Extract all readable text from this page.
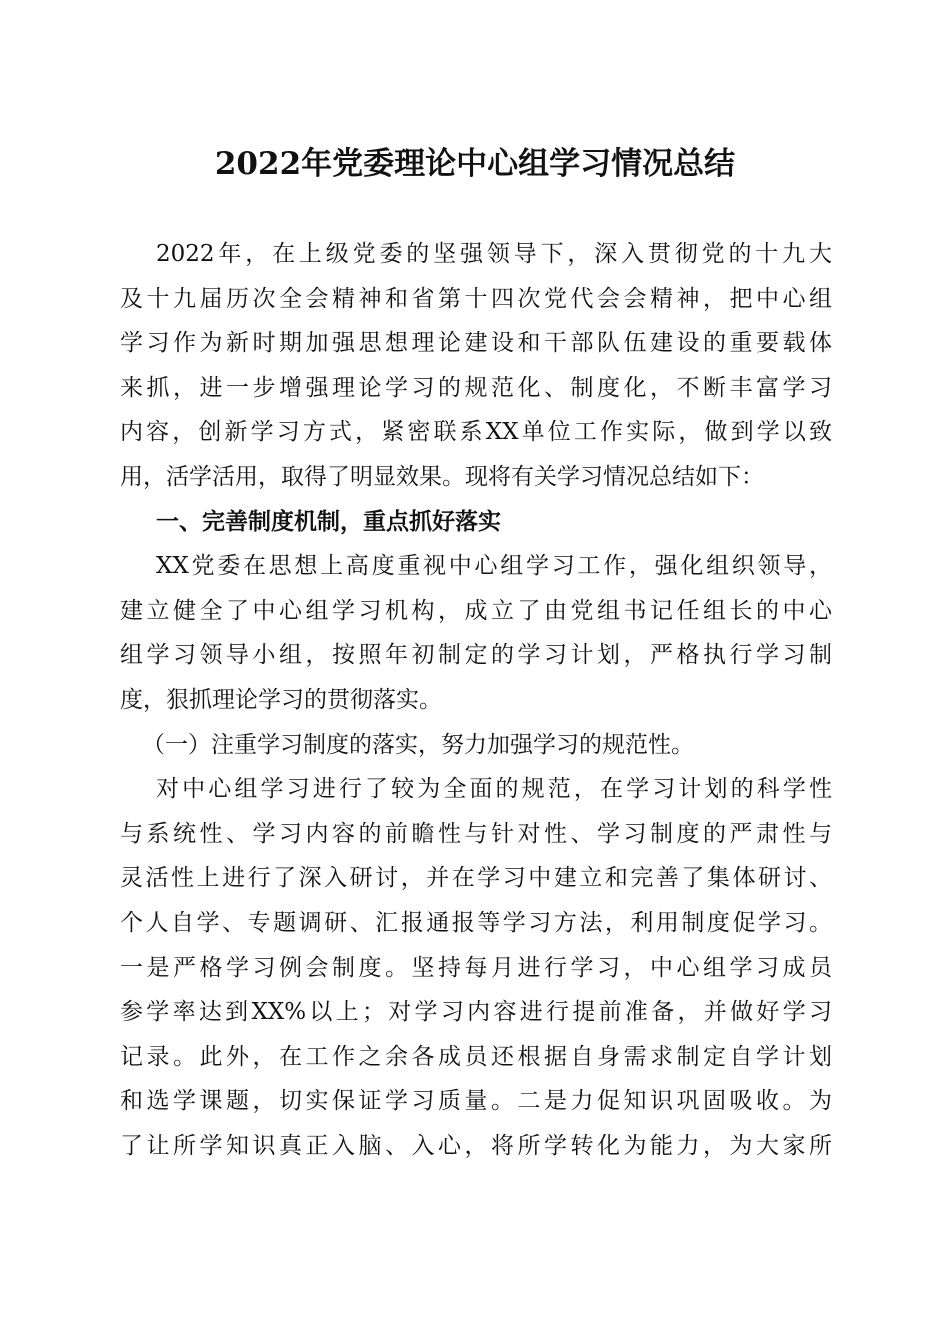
2022年党委理论中心组学习情况总结
2022年，在上级党委的坚强领导下，深入贯彻党的十九大
及十九届历次全会精神和省第十四次党代会会精神，把中心组
学习作为新时期加强思想理论建设和干部队伍建设的重要载体
来抓，进一步增强理论学习的规范化、制度化，不断丰富学习
内容，创新学习方式，紧密联系XX单位工作实际，做到学以致
用，活学活用，取得了明显效果。现将有关学习情况总结如下：
一、完善制度机制，重点抓好落实
XX党委在思想上高度重视中心组学习工作，强化组织领导，
建立健全了中心组学习机构，成立了由党组书记任组长的中心
组学习领导小组，按照年初制定的学习计划，严格执行学习制
度，狠抓理论学习的贯彻落实。
（一）注重学习制度的落实，努力加强学习的规范性。
对中心组学习进行了较为全面的规范，在学习计划的科学性
与系统性、学习内容的前瞻性与针对性、学习制度的严肃性与
灵活性上进行了深入研讨，并在学习中建立和完善了集体研讨、
个人自学、专题调研、汇报通报等学习方法，利用制度促学习。
一是严格学习例会制度。坚持每月进行学习，中心组学习成员
参学率达到XX%以上；对学习内容进行提前准备，并做好学习
记录。此外，在工作之余各成员还根据自身需求制定自学计划
和选学课题，切实保证学习质量。二是力促知识巩固吸收。为
了让所学知识真正入脑、入心，将所学转化为能力，为大家所
